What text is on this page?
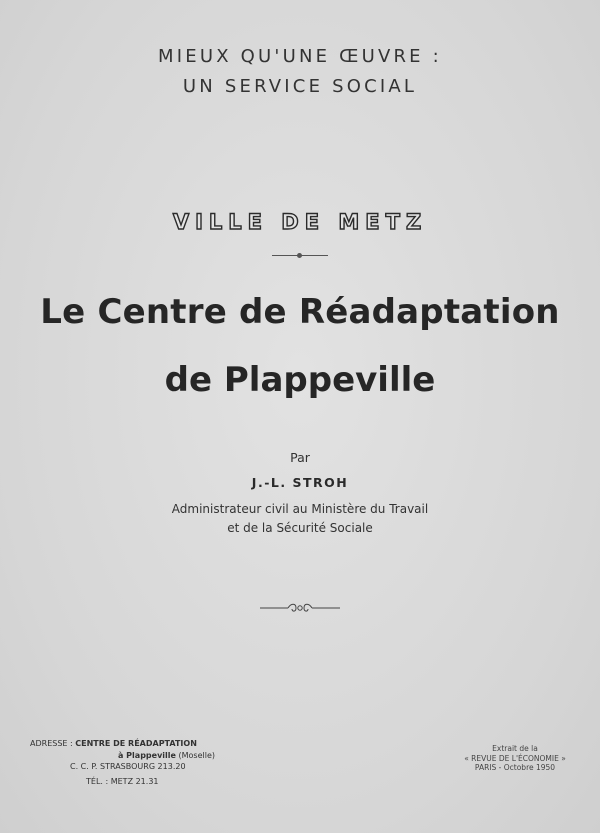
MIEUX QU'UNE ŒUVRE :
UN SERVICE SOCIAL
VILLE DE METZ
Le Centre de Réadaptation
de Plappeville
Par
J.-L. STROH
Administrateur civil au Ministère du Travail
et de la Sécurité Sociale
ADRESSE : CENTRE DE RÉADAPTATION
à Plappeville (Moselle)
C. C. P. STRASBOURG 213.20
TÉL. : METZ 21.31
Extrait de la
« REVUE DE L'ÉCONOMIE »
PARIS - Octobre 1950
